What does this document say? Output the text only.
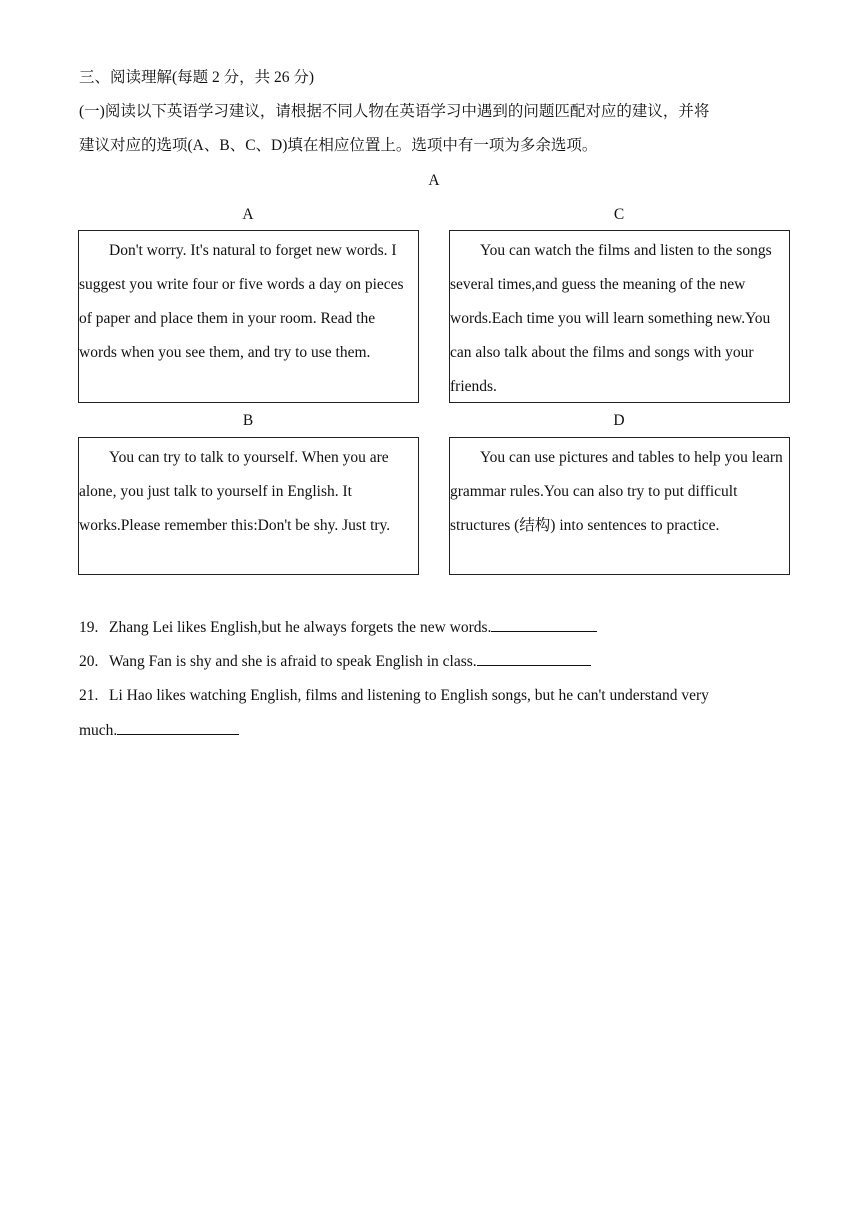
三、阅读理解(每题 2 分，共 26 分)
(一)阅读以下英语学习建议，请根据不同人物在英语学习中遇到的问题匹配对应的建议，并将
建议对应的选项(A、B、C、D)填在相应位置上。选项中有一项为多余选项。
A
A	C

Don't worry. It's natural to forget new words. I suggest you write four or five words a day on pieces of paper and place them in your room. Read the words when you see them, and try to use them.

You can watch the films and listen to the songs several times,and guess the meaning of the new words.Each time you will learn something new.You can also talk about the films and songs with your friends.

B	D

You can try to talk to yourself. When you are alone, you just talk to yourself in English. It works.Please remember this:Don't be shy. Just try.

You can use pictures and tables to help you learn grammar rules.You can also try to put difficult structures (结构) into sentences to practice.

19. Zhang Lei likes English,but he always forgets the new words.
20. Wang Fan is shy and she is afraid to speak English in class.
21. Li Hao likes watching English, films and listening to English songs, but he can't understand very
much.
